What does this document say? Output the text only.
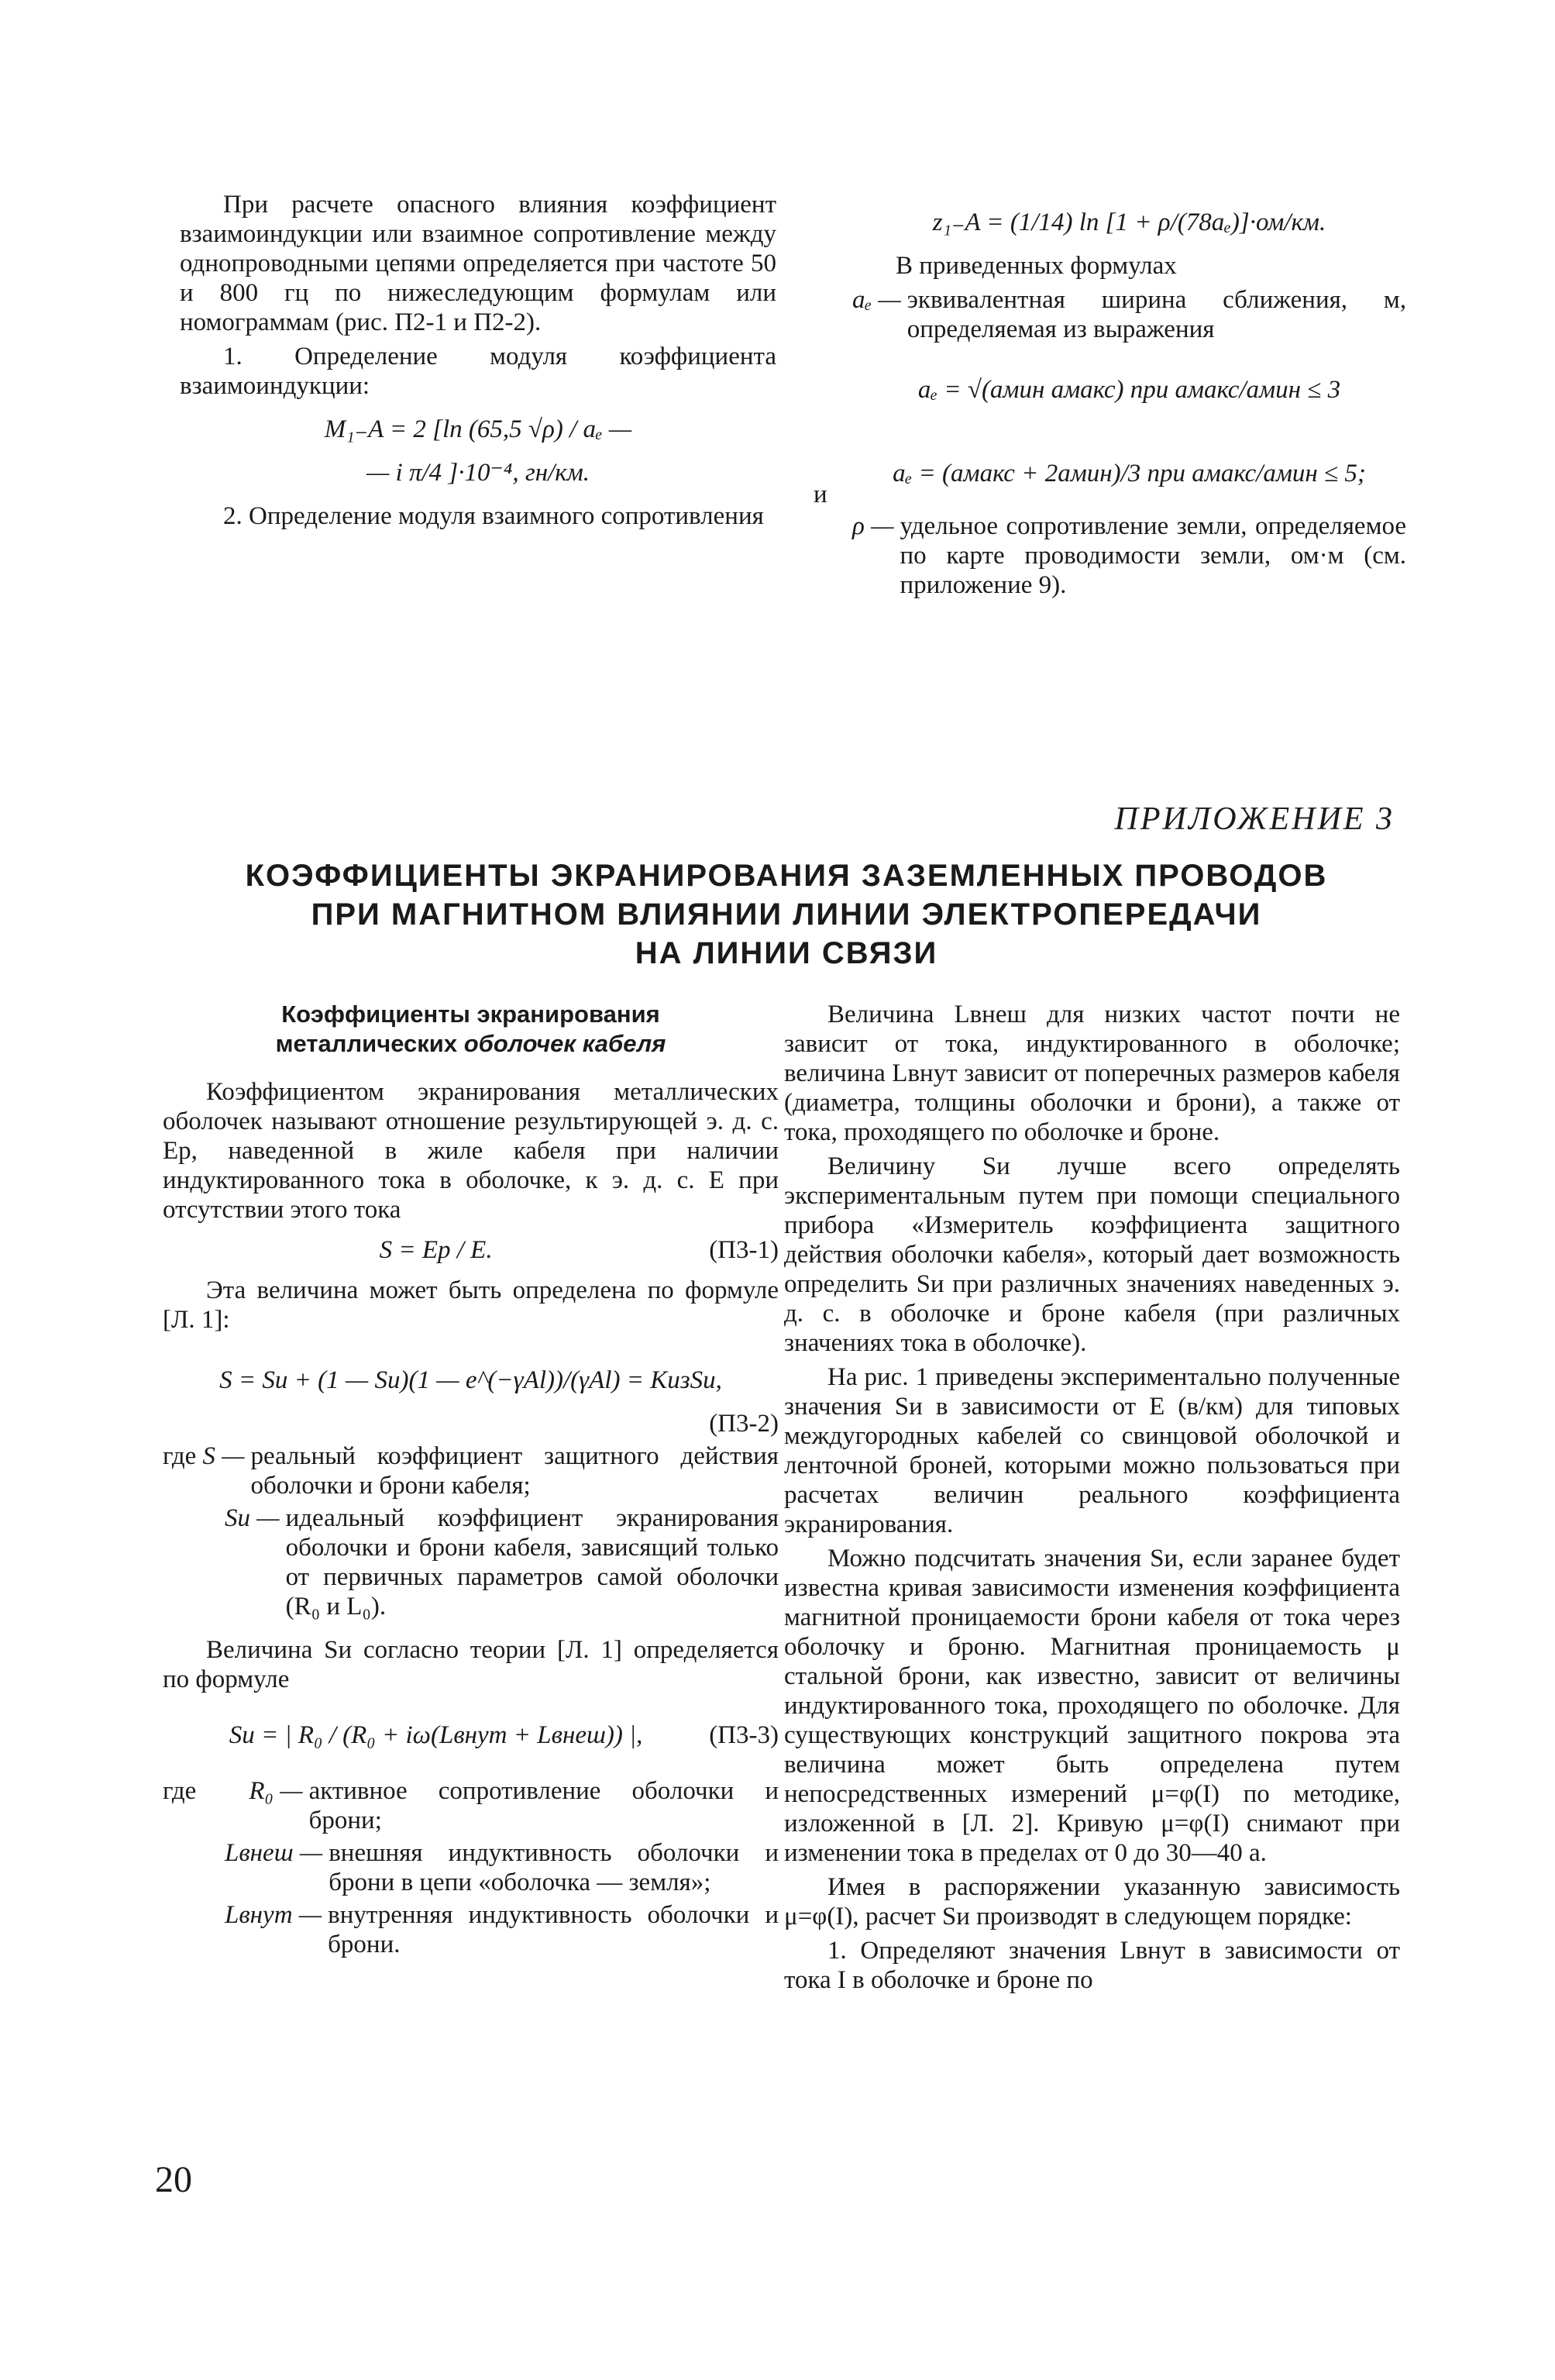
При расчете опасного влияния коэффициент взаимоиндукции или взаимное сопротивление между однопроводными цепями определяется при частоте 50 и 800 гц по нижеследующим формулам или номограммам (рис. П2-1 и П2-2).

1. Определение модуля коэффициента взаимоиндукции:

M₁₋A = 2 [ln (65,5 √ρ) / aₑ —
— i π/4 ]·10⁻⁴, гн/км.

2. Определение модуля взаимного сопротивления

z₁₋A = (1/14) ln [1 + ρ/(78aₑ)]·ом/км.

В приведенных формулах

aₑ — эквивалентная ширина сближения, м, определяемая из выражения
aₑ = √(aмин aмакс) при aмакс/aмин ≤ 3
aₑ = (aмакс + 2aмин)/3 при aмакс/aмин ≤ 5;
ρ — удельное сопротивление земли, определяемое по карте проводимости земли, ом·м (см. приложение 9).
и
ПРИЛОЖЕНИЕ 3
КОЭФФИЦИЕНТЫ ЭКРАНИРОВАНИЯ ЗАЗЕМЛЕННЫХ ПРОВОДОВ
ПРИ МАГНИТНОМ ВЛИЯНИИ ЛИНИИ ЭЛЕКТРОПЕРЕДАЧИ
НА ЛИНИИ СВЯЗИ
Коэффициенты экранирования
металлических оболочек кабеля

Коэффициентом экранирования металлических оболочек называют отношение результирующей э. д. с. Eр, наведенной в жиле кабеля при наличии индуктированного тока в оболочке, к э. д. с. E при отсутствии этого тока

S = Eр / E.	(П3-1)

Эта величина может быть определена по формуле [Л. 1]:

S = Sи + (1 — Sи)(1 — e^(−γAl))/(γAl) = KизSи,
(П3-2)
где S — реальный коэффициент защитного действия оболочки и брони кабеля;
Sи — идеальный коэффициент экранирования оболочки и брони кабеля, зависящий только от первичных параметров самой оболочки (R₀ и L₀).

Величина Sи согласно теории [Л. 1] определяется по формуле

Sи = | R₀ / (R₀ + iω(Lвнут + Lвнеш)) |,	(П3-3)
где	R₀ — активное сопротивление оболочки и брони;
Lвнеш — внешняя индуктивность оболочки и брони в цепи «оболочка — земля»;
Lвнут — внутренняя индуктивность оболочки и брони.

Величина Lвнеш для низких частот почти не зависит от тока, индуктированного в оболочке; величина Lвнут зависит от поперечных размеров кабеля (диаметра, толщины оболочки и брони), а также от тока, проходящего по оболочке и броне.

Величину Sи лучше всего определять экспериментальным путем при помощи специального прибора «Измеритель коэффициента защитного действия оболочки кабеля», который дает возможность определить Sи при различных значениях наведенных э. д. с. в оболочке и броне кабеля (при различных значениях тока в оболочке).

На рис. 1 приведены экспериментально полученные значения Sи в зависимости от E (в/км) для типовых междугородных кабелей со свинцовой оболочкой и ленточной броней, которыми можно пользоваться при расчетах величин реального коэффициента экранирования.

Можно подсчитать значения Sи, если заранее будет известна кривая зависимости изменения коэффициента магнитной проницаемости брони кабеля от тока через оболочку и броню. Магнитная проницаемость μ стальной брони, как известно, зависит от величины индуктированного тока, проходящего по оболочке. Для существующих конструкций защитного покрова эта величина может быть определена путем непосредственных измерений μ=φ(I) по методике, изложенной в [Л. 2]. Кривую μ=φ(I) снимают при изменении тока в пределах от 0 до 30—40 а.

Имея в распоряжении указанную зависимость μ=φ(I), расчет Sи производят в следующем порядке:

1. Определяют значения Lвнут в зависимости от тока I в оболочке и броне по

20
